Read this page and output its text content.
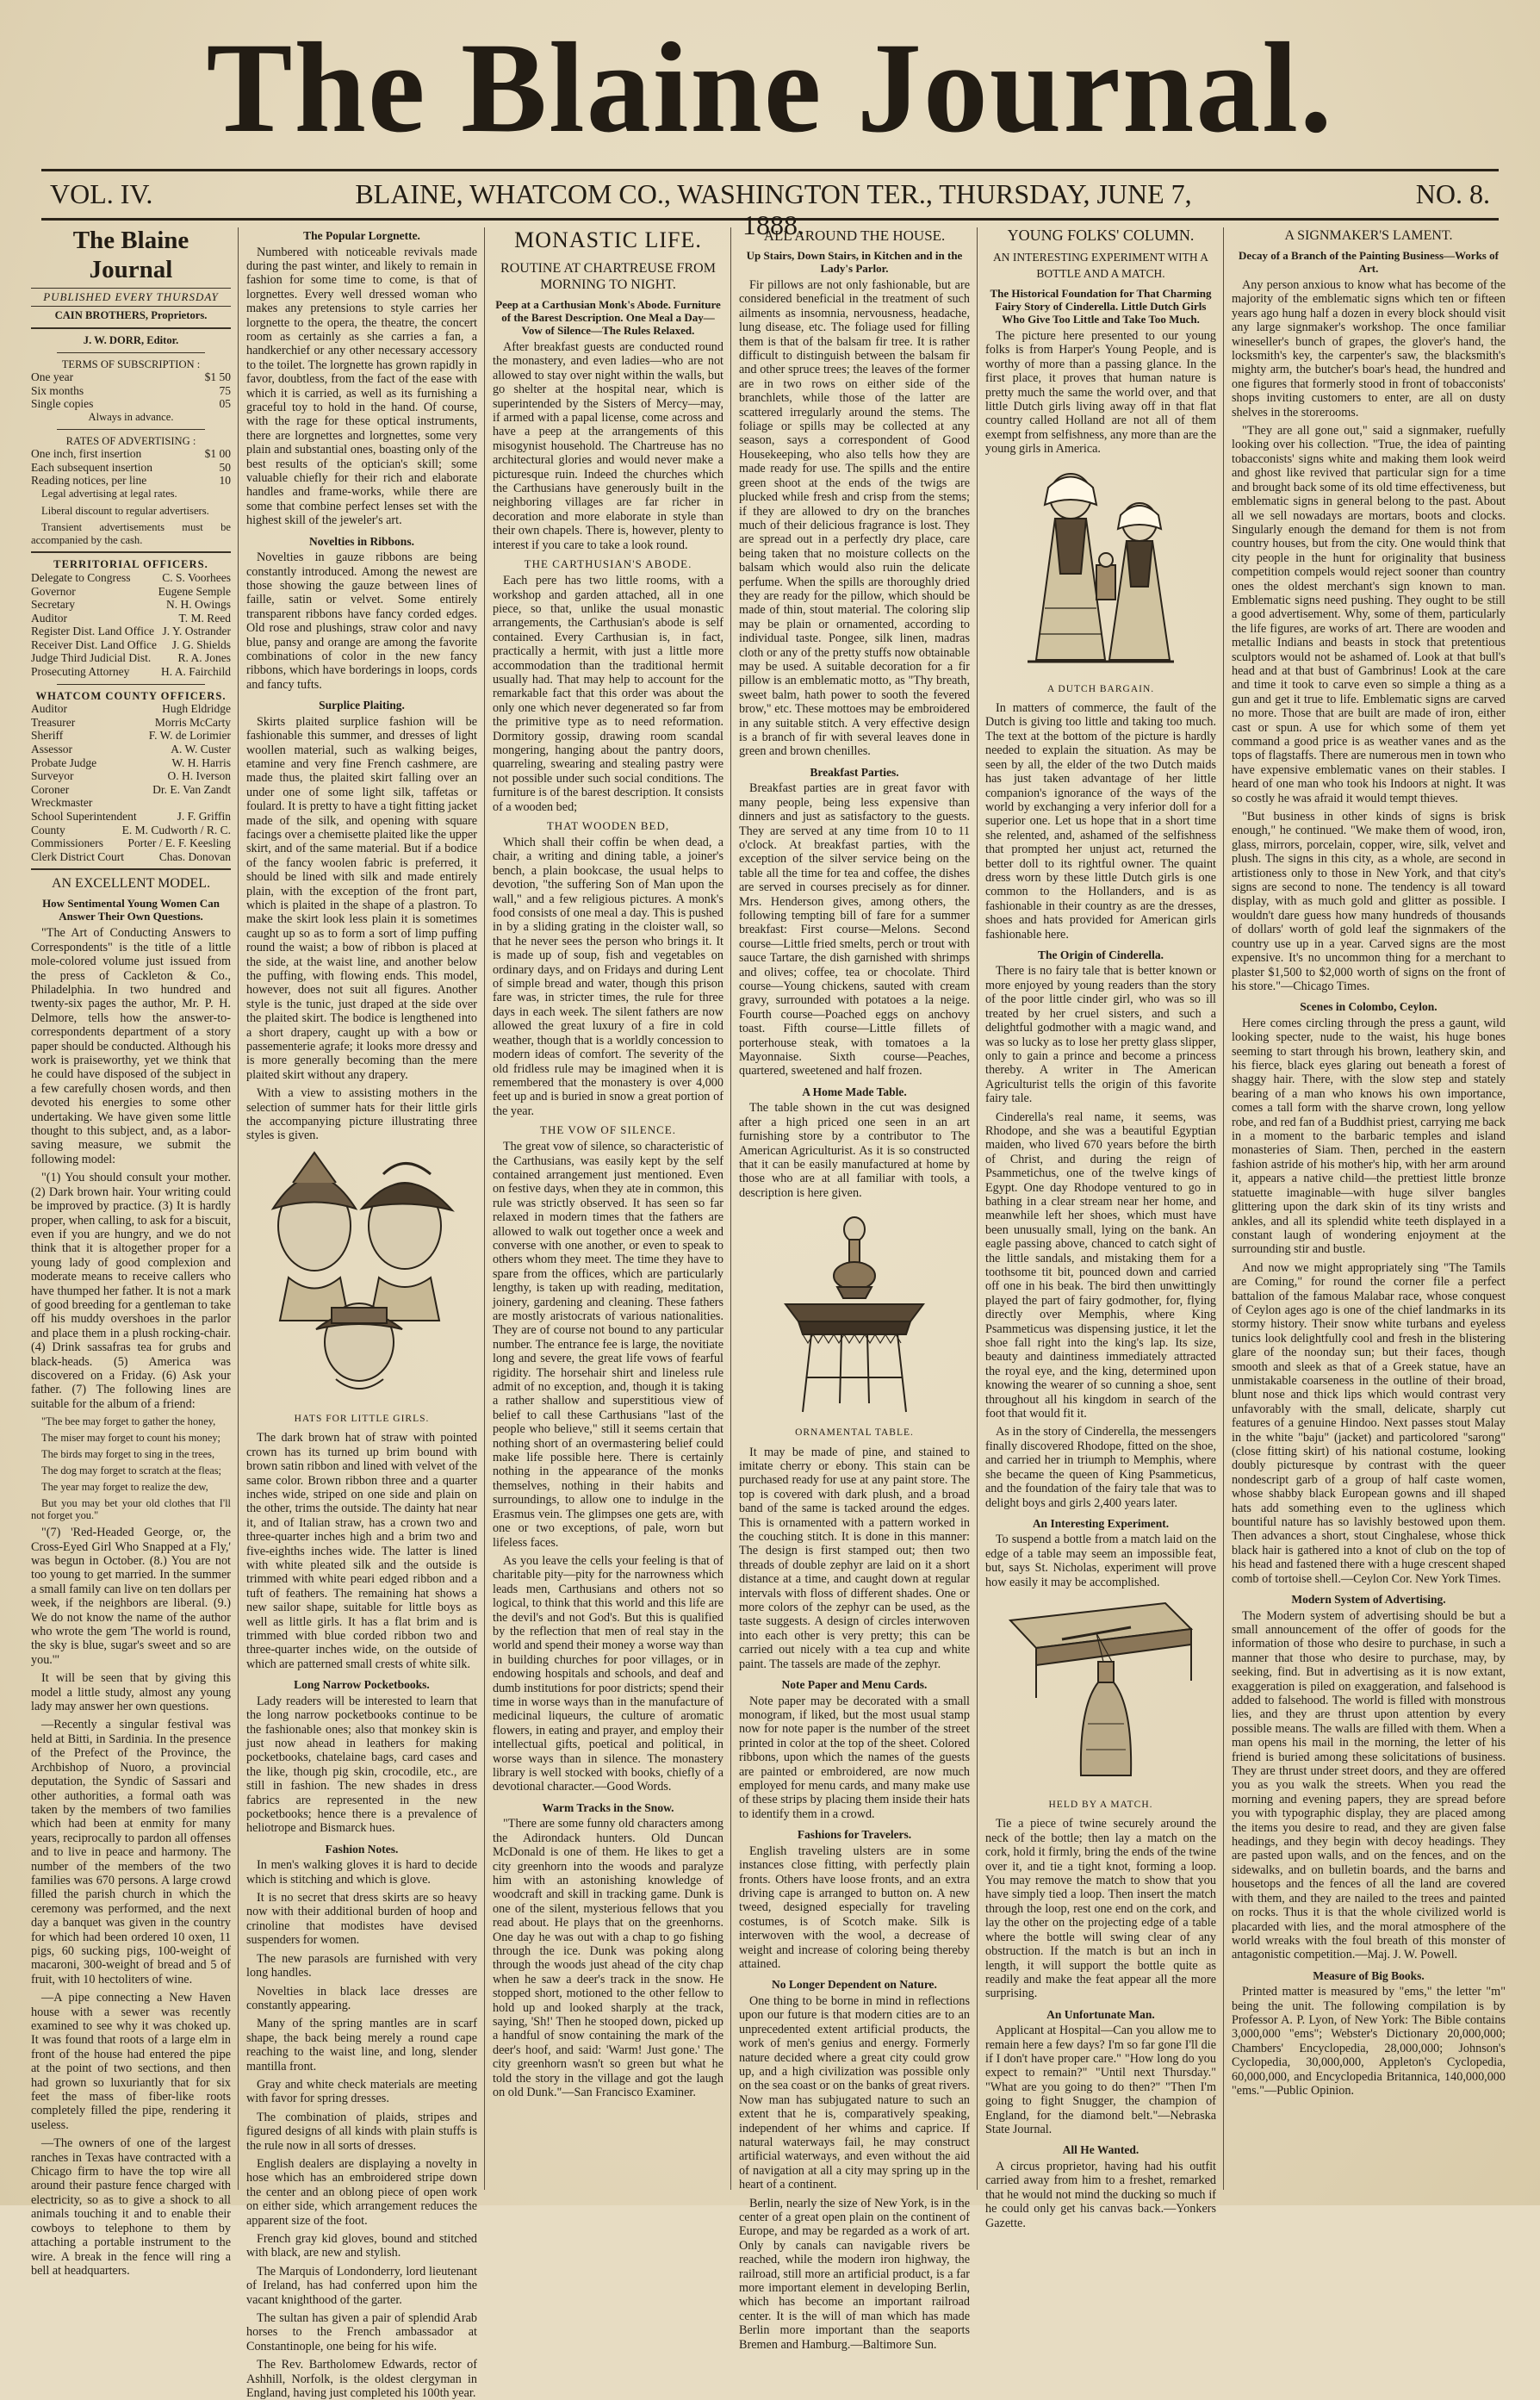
The Blaine Journal.
VOL. IV.	BLAINE, WHATCOM CO., WASHINGTON TER., THURSDAY, JUNE 7, 1888.
NO. 8.
The Blaine Journal
PUBLISHED EVERY THURSDAY
CAIN BROTHERS, Proprietors.
J. W. DORR, Editor.
TERMS OF SUBSCRIPTION :
One year	$1 50
Six months	75
Single copies	05
Always in advance.
RATES OF ADVERTISING :
One inch, first insertion	$1 00
Each subsequent insertion	50
Reading notices, per line	10

Legal advertising at legal rates.

Liberal discount to regular advertisers.

Transient advertisements must be accompanied by the cash.

TERRITORIAL OFFICERS.
Delegate to Congress	C. S. Voorhees
Governor	Eugene Semple
Secretary	N. H. Owings
Auditor	T. M. Reed
Register Dist. Land Office J. Y. Ostrander
Receiver Dist. Land Office J. G. Shields
Judge Third Judicial Dist. R. A. Jones
Prosecuting Attorney	H. A. Fairchild
WHATCOM COUNTY OFFICERS.
Auditor	Hugh Eldridge
Treasurer	Morris McCarty
Sheriff	F. W. de Lorimier
Assessor	A. W. Custer
Probate Judge	W. H. Harris
Surveyor	O. H. Iverson
Coroner	Dr. E. Van Zandt
Wreckmaster
School Superintendent	J. F. Griffin
County Commissioners
E. M. Cudworth / R. C. Porter / E. F. Keesling
Clerk District Court	Chas. Donovan
AN EXCELLENT MODEL.
How Sentimental Young Women Can Answer Their Own Questions.

"The Art of Conducting Answers to Correspondents" is the title of a little mole-colored volume just issued from the press of Cackleton & Co., Philadelphia. In two hundred and twenty-six pages the author, Mr. P. H. Delmore, tells how the answer-to-correspondents department of a story paper should be conducted. Although his work is praiseworthy, yet we think that he could have disposed of the subject in a few carefully chosen words, and then devoted his energies to some other undertaking. We have given some little thought to this subject, and, as a labor-saving measure, we submit the following model:

"(1) You should consult your mother. (2) Dark brown hair. Your writing could be improved by practice. (3) It is hardly proper, when calling, to ask for a biscuit, even if you are hungry, and we do not think that it is altogether proper for a young lady of good complexion and moderate means to receive callers who have thumped her father. It is not a mark of good breeding for a gentleman to take off his muddy overshoes in the parlor and place them in a plush rocking-chair. (4) Drink sassafras tea for grubs and black-heads. (5) America was discovered on a Friday. (6) Ask your father. (7) The following lines are suitable for the album of a friend:

"The bee may forget to gather the honey,

The miser may forget to count his money;

The birds may forget to sing in the trees,

The dog may forget to scratch at the fleas;

The year may forget to realize the dew,

But you may bet your old clothes that I'll not forget you."

"(7) 'Red-Headed George, or, the Cross-Eyed Girl Who Snapped at a Fly,' was begun in October. (8.) You are not too young to get married. In the summer a small family can live on ten dollars per week, if the neighbors are liberal. (9.) We do not know the name of the author who wrote the gem 'The world is round, the sky is blue, sugar's sweet and so are you.'"

It will be seen that by giving this model a little study, almost any young lady may answer her own questions.

—Recently a singular festival was held at Bitti, in Sardinia. In the presence of the Prefect of the Province, the Archbishop of Nuoro, a provincial deputation, the Syndic of Sassari and other authorities, a formal oath was taken by the members of two families which had been at enmity for many years, reciprocally to pardon all offenses and to live in peace and harmony. The number of the members of the two families was 670 persons. A large crowd filled the parish church in which the ceremony was performed, and the next day a banquet was given in the country for which had been ordered 10 oxen, 11 pigs, 60 sucking pigs, 100-weight of macaroni, 300-weight of bread and 5 of fruit, with 10 hectoliters of wine.

—A pipe connecting a New Haven house with a sewer was recently examined to see why it was choked up. It was found that roots of a large elm in front of the house had entered the pipe at the point of two sections, and then had grown so luxuriantly that for six feet the mass of fiber-like roots completely filled the pipe, rendering it useless.

—The owners of one of the largest ranches in Texas have contracted with a Chicago firm to have the top wire all around their pasture fence charged with electricity, so as to give a shock to all animals touching it and to enable their cowboys to telephone to them by attaching a portable instrument to the wire. A break in the fence will ring a bell at headquarters.

The Popular Lorgnette.

Numbered with noticeable revivals made during the past winter, and likely to remain in fashion for some time to come, is that of lorgnettes. Every well dressed woman who makes any pretensions to style carries her lorgnette to the opera, the theatre, the concert room as certainly as she carries a fan, a handkerchief or any other necessary accessory to the toilet. The lorgnette has grown rapidly in favor, doubtless, from the fact of the ease with which it is carried, as well as its furnishing a graceful toy to hold in the hand. Of course, with the rage for these optical instruments, there are lorgnettes and lorgnettes, some very plain and substantial ones, boasting only of the best results of the optician's skill; some valuable chiefly for their rich and elaborate handles and frame-works, while there are some that combine perfect lenses set with the highest skill of the jeweler's art.

Novelties in Ribbons.

Novelties in gauze ribbons are being constantly introduced. Among the newest are those showing the gauze between lines of faille, satin or velvet. Some entirely transparent ribbons have fancy corded edges. Old rose and plushings, straw color and navy blue, pansy and orange are among the favorite combinations of color in the new fancy ribbons, which have borderings in loops, cords and fancy tufts.

Surplice Plaiting.

Skirts plaited surplice fashion will be fashionable this summer, and dresses of light woollen material, such as walking beiges, etamine and very fine French cashmere, are made thus, the plaited skirt falling over an under one of some light silk, taffetas or foulard. It is pretty to have a tight fitting jacket made of the silk, and opening with square facings over a chemisette plaited like the upper skirt, and of the same material. But if a bodice of the fancy woolen fabric is preferred, it should be lined with silk and made entirely plain, with the exception of the front part, which is plaited in the shape of a plastron. To make the skirt look less plain it is sometimes caught up so as to form a sort of limp puffing round the waist; a bow of ribbon is placed at the side, at the waist line, and another below the puffing, with flowing ends. This model, however, does not suit all figures. Another style is the tunic, just draped at the side over the plaited skirt. The bodice is lengthened into a short drapery, caught up with a bow or passementerie agrafe; it looks more dressy and is more generally becoming than the mere plaited skirt without any drapery.

With a view to assisting mothers in the selection of summer hats for their little girls the accompanying picture illustrating three styles is given.

HATS FOR LITTLE GIRLS.

The dark brown hat of straw with pointed crown has its turned up brim bound with brown satin ribbon and lined with velvet of the same color. Brown ribbon three and a quarter inches wide, striped on one side and plain on the other, trims the outside. The dainty hat near it, and of Italian straw, has a crown two and three-quarter inches high and a brim two and five-eighths inches wide. The latter is lined with white pleated silk and the outside is trimmed with white peari edged ribbon and a tuft of feathers. The remaining hat shows a new sailor shape, suitable for little boys as well as little girls. It has a flat brim and is trimmed with blue corded ribbon two and three-quarter inches wide, on the outside of which are patterned small crests of white silk.

Long Narrow Pocketbooks.

Lady readers will be interested to learn that the long narrow pocketbooks continue to be the fashionable ones; also that monkey skin is just now ahead in leathers for making pocketbooks, chatelaine bags, card cases and the like, though pig skin, crocodile, etc., are still in fashion. The new shades in dress fabrics are represented in the new pocketbooks; hence there is a prevalence of heliotrope and Bismarck hues.

Fashion Notes.

In men's walking gloves it is hard to decide which is stitching and which is glove.

It is no secret that dress skirts are so heavy now with their additional burden of hoop and crinoline that modistes have devised suspenders for women.

The new parasols are furnished with very long handles.

Novelties in black lace dresses are constantly appearing.

Many of the spring mantles are in scarf shape, the back being merely a round cape reaching to the waist line, and long, slender mantilla front.

Gray and white check materials are meeting with favor for spring dresses.

The combination of plaids, stripes and figured designs of all kinds with plain stuffs is the rule now in all sorts of dresses.

English dealers are displaying a novelty in hose which has an embroidered stripe down the center and an oblong piece of open work on either side, which arrangement reduces the apparent size of the foot.

French gray kid gloves, bound and stitched with black, are new and stylish.

The Marquis of Londonderry, lord lieutenant of Ireland, has had conferred upon him the vacant knighthood of the garter.

The sultan has given a pair of splendid Arab horses to the French ambassador at Constantinople, one being for his wife.

The Rev. Bartholomew Edwards, rector of Ashhill, Norfolk, is the oldest clergyman in England, having just completed his 100th year.

MONASTIC LIFE.
ROUTINE AT CHARTREUSE FROM MORNING TO NIGHT.
Peep at a Carthusian Monk's Abode. Furniture of the Barest Description. One Meal a Day—Vow of Silence—The Rules Relaxed.

After breakfast guests are conducted round the monastery, and even ladies—who are not allowed to stay over night within the walls, but go shelter at the hospital near, which is superintended by the Sisters of Mercy—may, if armed with a papal license, come across and have a peep at the arrangements of this misogynist household. The Chartreuse has no architectural glories and would never make a picturesque ruin. Indeed the churches which the Carthusians have generously built in the neighboring villages are far richer in decoration and more elaborate in style than their own chapels. There is, however, plenty to interest if you care to take a look round.

THE CARTHUSIAN'S ABODE.

Each pere has two little rooms, with a workshop and garden attached, all in one piece, so that, unlike the usual monastic arrangements, the Carthusian's abode is self contained. Every Carthusian is, in fact, practically a hermit, with just a little more accommodation than the traditional hermit usually had. That may help to account for the remarkable fact that this order was about the only one which never degenerated so far from the primitive type as to need reformation. Dormitory gossip, drawing room scandal mongering, hanging about the pantry doors, quarreling, swearing and stealing pastry were not possible under such social conditions. The furniture is of the barest description. It consists of a wooden bed;

THAT WOODEN BED,

Which shall their coffin be when dead, a chair, a writing and dining table, a joiner's bench, a plain bookcase, the usual helps to devotion, "the suffering Son of Man upon the wall," and a few religious pictures. A monk's food consists of one meal a day. This is pushed in by a sliding grating in the cloister wall, so that he never sees the person who brings it. It is made up of soup, fish and vegetables on ordinary days, and on Fridays and during Lent of simple bread and water, though this prison fare was, in stricter times, the rule for three days in each week. The silent fathers are now allowed the great luxury of a fire in cold weather, though that is a worldly concession to modern ideas of comfort. The severity of the old fridless rule may be imagined when it is remembered that the monastery is over 4,000 feet up and is buried in snow a great portion of the year.

THE VOW OF SILENCE.

The great vow of silence, so characteristic of the Carthusians, was easily kept by the self contained arrangement just mentioned. Even on festive days, when they ate in common, this rule was strictly observed. It has seen so far relaxed in modern times that the fathers are allowed to walk out together once a week and converse with one another, or even to speak to others whom they meet. The time they have to spare from the offices, which are particularly lengthy, is taken up with reading, meditation, joinery, gardening and cleaning. These fathers are mostly aristocrats of various nationalities. They are of course not bound to any particular number. The entrance fee is large, the novitiate long and severe, the great life vows of fearful rigidity. The horsehair shirt and lineless rule admit of no exception, and, though it is taking a rather shallow and superstitious view of belief to call these Carthusians "last of the people who believe," still it seems certain that nothing short of an overmastering belief could make life possible here. There is certainly nothing in the appearance of the monks themselves, nothing in their habits and surroundings, to allow one to indulge in the Erasmus vein. The glimpses one gets are, with one or two exceptions, of pale, worn but lifeless faces.

As you leave the cells your feeling is that of charitable pity—pity for the narrowness which leads men, Carthusians and others not so logical, to think that this world and this life are the devil's and not God's. But this is qualified by the reflection that men of real stay in the world and spend their money a worse way than in building churches for poor villages, or in endowing hospitals and schools, and deaf and dumb institutions for poor districts; spend their time in worse ways than in the manufacture of medicinal liqueurs, the culture of aromatic flowers, in eating and prayer, and employ their intellectual gifts, poetical and political, in worse ways than in silence. The monastery library is well stocked with books, chiefly of a devotional character.—Good Words.

Warm Tracks in the Snow.

"There are some funny old characters among the Adirondack hunters. Old Duncan McDonald is one of them. He likes to get a city greenhorn into the woods and paralyze him with an astonishing knowledge of woodcraft and skill in tracking game. Dunk is one of the silent, mysterious fellows that you read about. He plays that on the greenhorns. One day he was out with a chap to go fishing through the ice. Dunk was poking along through the woods just ahead of the city chap when he saw a deer's track in the snow. He stopped short, motioned to the other fellow to hold up and looked sharply at the track, saying, 'Sh!' Then he stooped down, picked up a handful of snow containing the mark of the deer's hoof, and said: 'Warm! Just gone.' The city greenhorn wasn't so green but what he told the story in the village and got the laugh on old Dunk."—San Francisco Examiner.

ALL AROUND THE HOUSE.
Up Stairs, Down Stairs, in Kitchen and in the Lady's Parlor.

Fir pillows are not only fashionable, but are considered beneficial in the treatment of such ailments as insomnia, nervousness, headache, lung disease, etc. The foliage used for filling them is that of the balsam fir tree. It is rather difficult to distinguish between the balsam fir and other spruce trees; the leaves of the former are in two rows on either side of the branchlets, while those of the latter are scattered irregularly around the stems. The foliage or spills may be collected at any season, says a correspondent of Good Housekeeping, who also tells how they are made ready for use. The spills and the entire green shoot at the ends of the twigs are plucked while fresh and crisp from the stems; if they are allowed to dry on the branches much of their delicious fragrance is lost. They are spread out in a perfectly dry place, care being taken that no moisture collects on the balsam which would also ruin the delicate perfume. When the spills are thoroughly dried they are ready for the pillow, which should be made of thin, stout material. The coloring slip may be plain or ornamented, according to individual taste. Pongee, silk linen, madras cloth or any of the pretty stuffs now obtainable may be used. A suitable decoration for a fir pillow is an emblematic motto, as "Thy breath, sweet balm, hath power to sooth the fevered brow," etc. These mottoes may be embroidered in any suitable stitch. A very effective design is a branch of fir with several leaves done in green and brown chenilles.

Breakfast Parties.

Breakfast parties are in great favor with many people, being less expensive than dinners and just as satisfactory to the guests. They are served at any time from 10 to 11 o'clock. At breakfast parties, with the exception of the silver service being on the table all the time for tea and coffee, the dishes are served in courses precisely as for dinner. Mrs. Henderson gives, among others, the following tempting bill of fare for a summer breakfast: First course—Melons. Second course—Little fried smelts, perch or trout with sauce Tartare, the dish garnished with shrimps and olives; coffee, tea or chocolate. Third course—Young chickens, sauted with cream gravy, surrounded with potatoes a la neige. Fourth course—Poached eggs on anchovy toast. Fifth course—Little fillets of porterhouse steak, with tomatoes a la Mayonnaise. Sixth course—Peaches, quartered, sweetened and half frozen.

A Home Made Table.

The table shown in the cut was designed after a high priced one seen in an art furnishing store by a contributor to The American Agriculturist. As it is so constructed that it can be easily manufactured at home by those who are at all familiar with tools, a description is here given.

ORNAMENTAL TABLE.

It may be made of pine, and stained to imitate cherry or ebony. This stain can be purchased ready for use at any paint store. The top is covered with dark plush, and a broad band of the same is tacked around the edges. This is ornamented with a pattern worked in the couching stitch. It is done in this manner: The design is first stamped out; then two threads of double zephyr are laid on it a short distance at a time, and caught down at regular intervals with floss of different shades. One or more colors of the zephyr can be used, as the taste suggests. A design of circles interwoven into each other is very pretty; this can be carried out nicely with a tea cup and white paint. The tassels are made of the zephyr.

Note Paper and Menu Cards.

Note paper may be decorated with a small monogram, if liked, but the most usual stamp now for note paper is the number of the street printed in color at the top of the sheet. Colored ribbons, upon which the names of the guests are painted or embroidered, are now much employed for menu cards, and many make use of these strips by placing them inside their hats to identify them in a crowd.

Fashions for Travelers.

English traveling ulsters are in some instances close fitting, with perfectly plain fronts. Others have loose fronts, and an extra driving cape is arranged to button on. A new tweed, designed especially for traveling costumes, is of Scotch make. Silk is interwoven with the wool, a decrease of weight and increase of coloring being thereby attained.

No Longer Dependent on Nature.

One thing to be borne in mind in reflections upon our future is that modern cities are to an unprecedented extent artificial products, the work of men's genius and energy. Formerly nature decided where a great city could grow up, and a high civilization was possible only on the sea coast or on the banks of great rivers. Now man has subjugated nature to such an extent that he is, comparatively speaking, independent of her whims and caprice. If natural waterways fail, he may construct artificial waterways, and even without the aid of navigation at all a city may spring up in the heart of a continent.

Berlin, nearly the size of New York, is in the center of a great open plain on the continent of Europe, and may be regarded as a work of art. Only by canals can navigable rivers be reached, while the modern iron highway, the railroad, still more an artificial product, is a far more important element in developing Berlin, which has become an important railroad center. It is the will of man which has made Berlin more important than the seaports Bremen and Hamburg.—Baltimore Sun.

YOUNG FOLKS' COLUMN.
AN INTERESTING EXPERIMENT WITH A BOTTLE AND A MATCH.
The Historical Foundation for That Charming Fairy Story of Cinderella. Little Dutch Girls Who Give Too Little and Take Too Much.

The picture here presented to our young folks is from Harper's Young People, and is worthy of more than a passing glance. In the first place, it proves that human nature is pretty much the same the world over, and that little Dutch girls living away off in that flat country called Holland are not all of them exempt from selfishness, any more than are the young girls in America.

A DUTCH BARGAIN.

In matters of commerce, the fault of the Dutch is giving too little and taking too much. The text at the bottom of the picture is hardly needed to explain the situation. As may be seen by all, the elder of the two Dutch maids has just taken advantage of her little companion's ignorance of the ways of the world by exchanging a very inferior doll for a superior one. Let us hope that in a short time she relented, and, ashamed of the selfishness that prompted her unjust act, returned the better doll to its rightful owner. The quaint dress worn by these little Dutch girls is one common to the Hollanders, and is as fashionable in their country as are the dresses, shoes and hats provided for American girls fashionable here.

The Origin of Cinderella.

There is no fairy tale that is better known or more enjoyed by young readers than the story of the poor little cinder girl, who was so ill treated by her cruel sisters, and such a delightful godmother with a magic wand, and was so lucky as to lose her pretty glass slipper, only to gain a prince and become a princess thereby. A writer in The American Agriculturist tells the origin of this favorite fairy tale.

Cinderella's real name, it seems, was Rhodope, and she was a beautiful Egyptian maiden, who lived 670 years before the birth of Christ, and during the reign of Psammetichus, one of the twelve kings of Egypt. One day Rhodope ventured to go in bathing in a clear stream near her home, and meanwhile left her shoes, which must have been unusually small, lying on the bank. An eagle passing above, chanced to catch sight of the little sandals, and mistaking them for a toothsome tit bit, pounced down and carried off one in his beak. The bird then unwittingly played the part of fairy godmother, for, flying directly over Memphis, where King Psammeticus was dispensing justice, it let the shoe fall right into the king's lap. Its size, beauty and daintiness immediately attracted the royal eye, and the king, determined upon knowing the wearer of so cunning a shoe, sent throughout all his kingdom in search of the foot that would fit it.

As in the story of Cinderella, the messengers finally discovered Rhodope, fitted on the shoe, and carried her in triumph to Memphis, where she became the queen of King Psammeticus, and the foundation of the fairy tale that was to delight boys and girls 2,400 years later.

An Interesting Experiment.

To suspend a bottle from a match laid on the edge of a table may seem an impossible feat, but, says St. Nicholas, experiment will prove how easily it may be accomplished.

HELD BY A MATCH.

Tie a piece of twine securely around the neck of the bottle; then lay a match on the cork, hold it firmly, bring the ends of the twine over it, and tie a tight knot, forming a loop. You may remove the match to show that you have simply tied a loop. Then insert the match through the loop, rest one end on the cork, and lay the other on the projecting edge of a table where the bottle will swing clear of any obstruction. If the match is but an inch in length, it will support the bottle quite as readily and make the feat appear all the more surprising.

An Unfortunate Man.

Applicant at Hospital—Can you allow me to remain here a few days? I'm so far gone I'll die if I don't have proper care." "How long do you expect to remain?" "Until next Thursday." "What are you going to do then?" "Then I'm going to fight Snugger, the champion of England, for the diamond belt."—Nebraska State Journal.

All He Wanted.

A circus proprietor, having had his outfit carried away from him to a freshet, remarked that he would not mind the ducking so much if he could only get his canvas back.—Yonkers Gazette.

A SIGNMAKER'S LAMENT.
Decay of a Branch of the Painting Business—Works of Art.

Any person anxious to know what has become of the majority of the emblematic signs which ten or fifteen years ago hung half a dozen in every block should visit any large signmaker's workshop. The once familiar wineseller's bunch of grapes, the glover's hand, the locksmith's key, the carpenter's saw, the blacksmith's mighty arm, the butcher's boar's head, the hundred and one figures that formerly stood in front of tobacconists' shops inviting customers to enter, are all on dusty shelves in the storerooms.

"They are all gone out," said a signmaker, ruefully looking over his collection. "True, the idea of painting tobacconists' signs white and making them look weird and ghost like revived that particular sign for a time and brought back some of its old time effectiveness, but emblematic signs in general belong to the past. About all we sell nowadays are mortars, boots and clocks. Singularly enough the demand for them is not from country houses, but from the city. One would think that city people in the hunt for originality that business competition compels would reject sooner than country ones the oldest merchant's sign known to man. Emblematic signs need pushing. They ought to be still a good advertisement. Why, some of them, particularly the life figures, are works of art. There are wooden and metallic Indians and beasts in stock that pretentious sculptors would not be ashamed of. Look at that bull's head and at that bust of Gambrinus! Look at the care and time it took to carve even so simple a thing as a gun and get it true to life. Emblematic signs are carved no more. Those that are built are made of iron, either cast or spun. A use for which some of them yet command a good price is as weather vanes and as the tops of flagstaffs. There are numerous men in town who have expensive emblematic vanes on their stables. I heard of one man who took his Indoors at night. It was so costly he was afraid it would tempt thieves.

"But business in other kinds of signs is brisk enough," he continued. "We make them of wood, iron, glass, mirrors, porcelain, copper, wire, silk, velvet and plush. The signs in this city, as a whole, are second in artistioness only to those in New York, and that city's signs are second to none. The tendency is all toward display, with as much gold and glitter as possible. I wouldn't dare guess how many hundreds of thousands of dollars' worth of gold leaf the signmakers of the country use up in a year. Carved signs are the most expensive. It's no uncommon thing for a merchant to plaster $1,500 to $2,000 worth of signs on the front of his store."—Chicago Times.

Scenes in Colombo, Ceylon.

Here comes circling through the press a gaunt, wild looking specter, nude to the waist, his huge bones seeming to start through his brown, leathery skin, and his fierce, black eyes glaring out beneath a forest of shaggy hair. There, with the slow step and stately bearing of a man who knows his own importance, comes a tall form with the sharve crown, long yellow robe, and red fan of a Buddhist priest, carrying me back in a moment to the barbaric temples and island monasteries of Siam. Then, perched in the eastern fashion astride of his mother's hip, with her arm around it, appears a native child—the prettiest little bronze statuette imaginable—with huge silver bangles glittering upon the dark skin of its tiny wrists and ankles, and all its splendid white teeth displayed in a constant laugh of wondering enjoyment at the surrounding stir and bustle.

And now we might appropriately sing "The Tamils are Coming," for round the corner file a perfect battalion of the famous Malabar race, whose conquest of Ceylon ages ago is one of the chief landmarks in its stormy history. Their snow white turbans and eyeless tunics look delightfully cool and fresh in the blistering glare of the noonday sun; but their faces, though smooth and sleek as that of a Greek statue, have an unmistakable coarseness in the outline of their broad, blunt nose and thick lips which would contrast very unfavorably with the small, delicate, sharply cut features of a genuine Hindoo. Next passes stout Malay in the white "baju" (jacket) and particolored "sarong" (close fitting skirt) of his national costume, looking doubly picturesque by contrast with the queer nondescript garb of a group of half caste women, whose shabby black European gowns and ill shaped hats add something even to the ugliness which bountiful nature has so lavishly bestowed upon them. Then advances a short, stout Cinghalese, whose thick black hair is gathered into a knot of club on the top of his head and fastened there with a huge crescent shaped comb of tortoise shell.—Ceylon Cor. New York Times.

Modern System of Advertising.

The Modern system of advertising should be but a small announcement of the offer of goods for the information of those who desire to purchase, in such a manner that those who desire to purchase, may, by seeking, find. But in advertising as it is now extant, exaggeration is piled on exaggeration, and falsehood is added to falsehood. The world is filled with monstrous lies, and they are thrust upon attention by every possible means. The walls are filled with them. When a man opens his mail in the morning, the letter of his friend is buried among these solicitations of business. They are thrust under street doors, and they are offered you as you walk the streets. When you read the morning and evening papers, they are spread before you with typographic display, they are placed among the items you desire to read, and they are given false headings, and they begin with decoy headings. They are pasted upon walls, and on the fences, and on the sidewalks, and on bulletin boards, and the barns and housetops and the fences of all the land are covered with them, and they are nailed to the trees and painted on rocks. Thus it is that the whole civilized world is placarded with lies, and the moral atmosphere of the world wreaks with the foul breath of this monster of antagonistic competition.—Maj. J. W. Powell.

Measure of Big Books.

Printed matter is measured by "ems," the letter "m" being the unit. The following compilation is by Professor A. P. Lyon, of New York: The Bible contains 3,000,000 "ems"; Webster's Dictionary 20,000,000; Chambers' Encyclopedia, 28,000,000; Johnson's Cyclopedia, 30,000,000, Appleton's Cyclopedia, 60,000,000, and Encyclopedia Britannica, 140,000,000 "ems."—Public Opinion.
